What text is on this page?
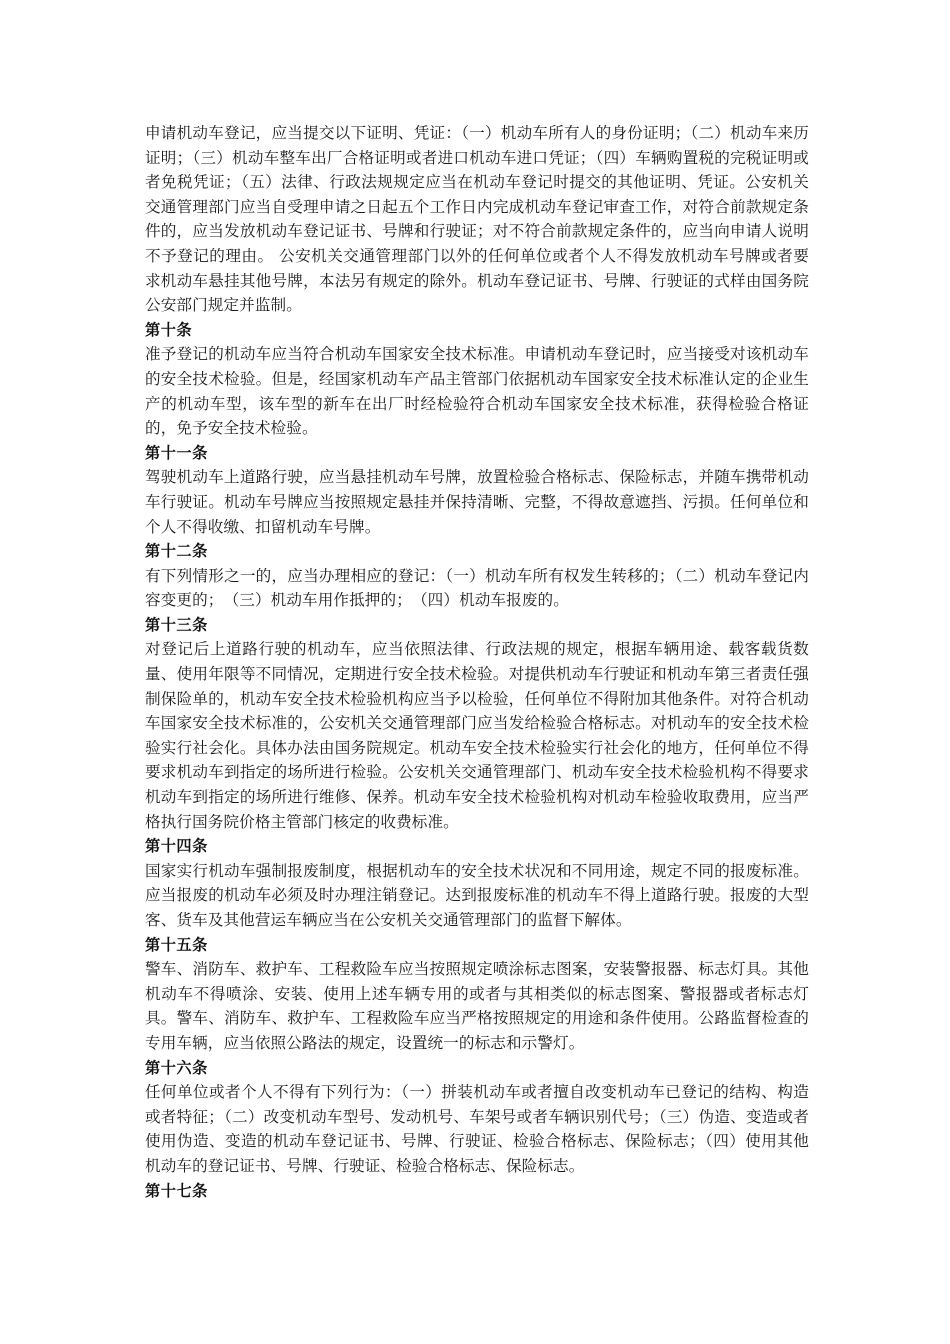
申请机动车登记，应当提交以下证明、凭证：（一）机动车所有人的身份证明；（二）机动车来历证明；（三）机动车整车出厂合格证明或者进口机动车进口凭证；（四）车辆购置税的完税证明或者免税凭证；（五）法律、行政法规规定应当在机动车登记时提交的其他证明、凭证。公安机关交通管理部门应当自受理申请之日起五个工作日内完成机动车登记审查工作，对符合前款规定条件的，应当发放机动车登记证书、号牌和行驶证；对不符合前款规定条件的，应当向申请人说明不予登记的理由。 公安机关交通管理部门以外的任何单位或者个人不得发放机动车号牌或者要求机动车悬挂其他号牌，本法另有规定的除外。机动车登记证书、号牌、行驶证的式样由国务院公安部门规定并监制。

第十条

准予登记的机动车应当符合机动车国家安全技术标准。申请机动车登记时，应当接受对该机动车的安全技术检验。但是，经国家机动车产品主管部门依据机动车国家安全技术标准认定的企业生产的机动车型，该车型的新车在出厂时经检验符合机动车国家安全技术标准，获得检验合格证的，免予安全技术检验。

第十一条

驾驶机动车上道路行驶，应当悬挂机动车号牌，放置检验合格标志、保险标志，并随车携带机动车行驶证。机动车号牌应当按照规定悬挂并保持清晰、完整，不得故意遮挡、污损。任何单位和个人不得收缴、扣留机动车号牌。

第十二条

有下列情形之一的，应当办理相应的登记：（一）机动车所有权发生转移的；（二）机动车登记内容变更的；　（三）机动车用作抵押的；　（四）机动车报废的。

第十三条

对登记后上道路行驶的机动车，应当依照法律、行政法规的规定，根据车辆用途、载客载货数量、使用年限等不同情况，定期进行安全技术检验。对提供机动车行驶证和机动车第三者责任强制保险单的，机动车安全技术检验机构应当予以检验，任何单位不得附加其他条件。对符合机动车国家安全技术标准的，公安机关交通管理部门应当发给检验合格标志。对机动车的安全技术检验实行社会化。具体办法由国务院规定。机动车安全技术检验实行社会化的地方，任何单位不得要求机动车到指定的场所进行检验。公安机关交通管理部门、机动车安全技术检验机构不得要求机动车到指定的场所进行维修、保养。机动车安全技术检验机构对机动车检验收取费用，应当严格执行国务院价格主管部门核定的收费标准。

第十四条

国家实行机动车强制报废制度，根据机动车的安全技术状况和不同用途，规定不同的报废标准。应当报废的机动车必须及时办理注销登记。达到报废标准的机动车不得上道路行驶。报废的大型客、货车及其他营运车辆应当在公安机关交通管理部门的监督下解体。

第十五条

警车、消防车、救护车、工程救险车应当按照规定喷涂标志图案，安装警报器、标志灯具。其他机动车不得喷涂、安装、使用上述车辆专用的或者与其相类似的标志图案、警报器或者标志灯具。警车、消防车、救护车、工程救险车应当严格按照规定的用途和条件使用。公路监督检查的专用车辆，应当依照公路法的规定，设置统一的标志和示警灯。

第十六条

任何单位或者个人不得有下列行为：（一）拼装机动车或者擅自改变机动车已登记的结构、构造或者特征；（二）改变机动车型号、发动机号、车架号或者车辆识别代号；（三）伪造、变造或者使用伪造、变造的机动车登记证书、号牌、行驶证、检验合格标志、保险标志；（四）使用其他机动车的登记证书、号牌、行驶证、检验合格标志、保险标志。

第十七条
